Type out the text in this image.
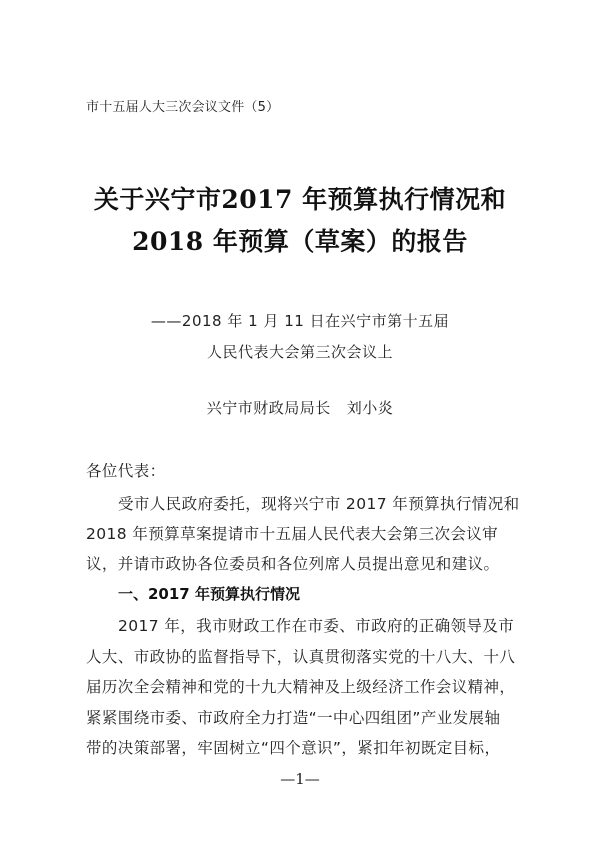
市十五届人大三次会议文件（5）
关于兴宁市2017 年预算执行情况和
2018 年预算（草案）的报告
——2018 年 1 月 11 日在兴宁市第十五届
人民代表大会第三次会议上
兴宁市财政局局长 刘小炎
各位代表：
受市人民政府委托，现将兴宁市 2017 年预算执行情况和
2018 年预算草案提请市十五届人民代表大会第三次会议审
议，并请市政协各位委员和各位列席人员提出意见和建议。
一、2017 年预算执行情况
2017 年，我市财政工作在市委、市政府的正确领导及市
人大、市政协的监督指导下，认真贯彻落实党的十八大、十八
届历次全会精神和党的十九大精神及上级经济工作会议精神，
紧紧围绕市委、市政府全力打造“一中心四组团”产业发展轴
带的决策部署，牢固树立“四个意识”，紧扣年初既定目标，
—1—
